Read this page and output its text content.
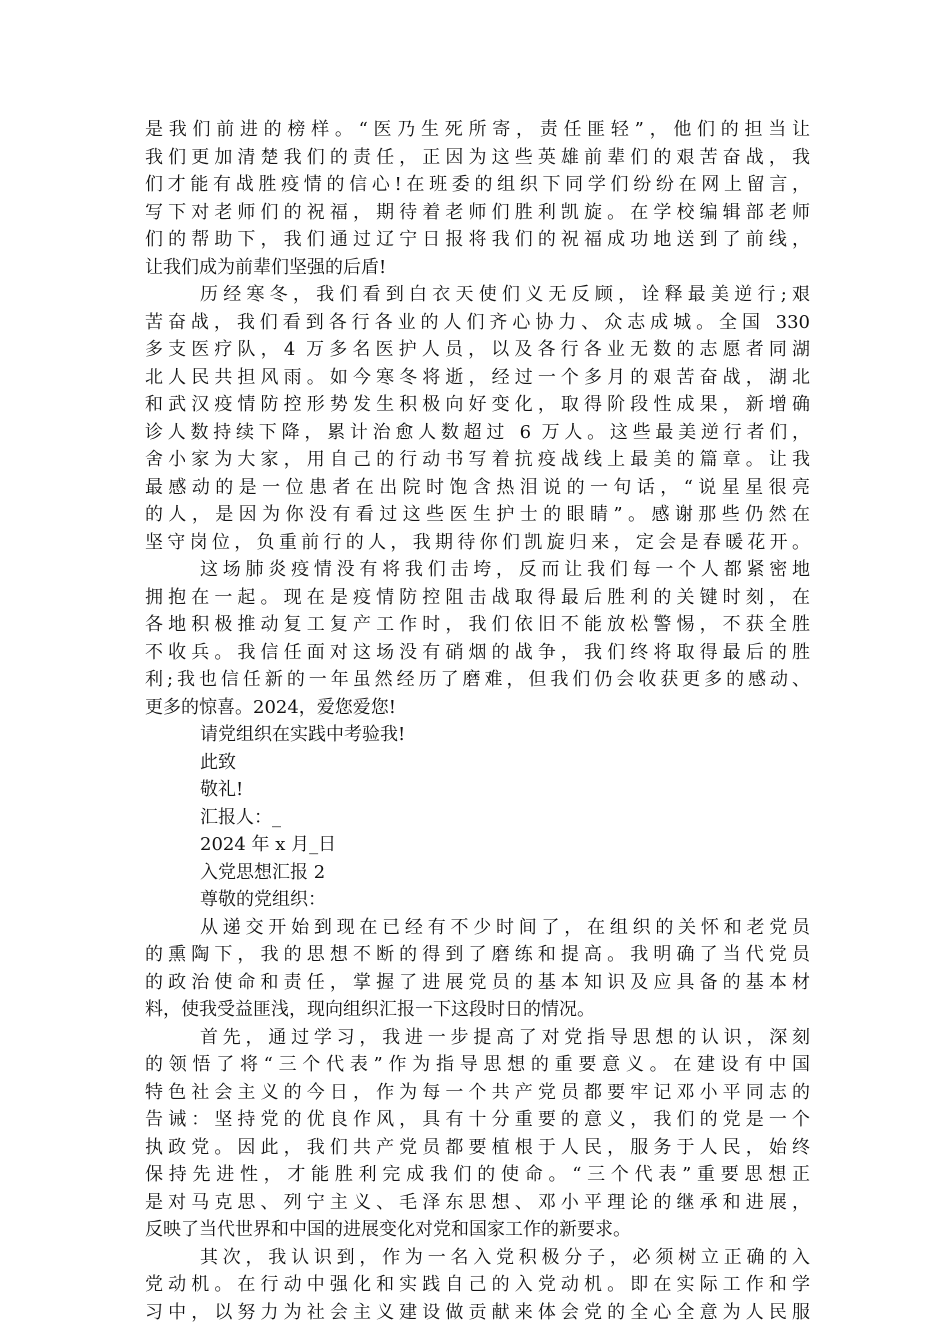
是我们前进的榜样。“医乃生死所寄，责任匪轻”，他们的担当让
我们更加清楚我们的责任，正因为这些英雄前辈们的艰苦奋战，我
们才能有战胜疫情的信心!在班委的组织下同学们纷纷在网上留言，
写下对老师们的祝福，期待着老师们胜利凯旋。在学校编辑部老师
们的帮助下，我们通过辽宁日报将我们的祝福成功地送到了前线，
让我们成为前辈们坚强的后盾!
历经寒冬，我们看到白衣天使们义无反顾，诠释最美逆行;艰
苦奋战，我们看到各行各业的人们齐心协力、众志成城。全国 330
多支医疗队，4 万多名医护人员，以及各行各业无数的志愿者同湖
北人民共担风雨。如今寒冬将逝，经过一个多月的艰苦奋战，湖北
和武汉疫情防控形势发生积极向好变化，取得阶段性成果，新增确
诊人数持续下降，累计治愈人数超过 6 万人。这些最美逆行者们，
舍小家为大家，用自己的行动书写着抗疫战线上最美的篇章。让我
最感动的是一位患者在出院时饱含热泪说的一句话，“说星星很亮
的人，是因为你没有看过这些医生护士的眼睛”。感谢那些仍然在
坚守岗位，负重前行的人，我期待你们凯旋归来，定会是春暖花开。
这场肺炎疫情没有将我们击垮，反而让我们每一个人都紧密地
拥抱在一起。现在是疫情防控阻击战取得最后胜利的关键时刻，在
各地积极推动复工复产工作时，我们依旧不能放松警惕，不获全胜
不收兵。我信任面对这场没有硝烟的战争，我们终将取得最后的胜
利;我也信任新的一年虽然经历了磨难，但我们仍会收获更多的感动、
更多的惊喜。2024，爱您爱您!
请党组织在实践中考验我!
此致
敬礼!
汇报人：_
2024 年 x 月_日
入党思想汇报 2
尊敬的党组织：
从递交开始到现在已经有不少时间了，在组织的关怀和老党员
的熏陶下，我的思想不断的得到了磨练和提高。我明确了当代党员
的政治使命和责任，掌握了进展党员的基本知识及应具备的基本材
料，使我受益匪浅，现向组织汇报一下这段时日的情况。
首先，通过学习，我进一步提高了对党指导思想的认识，深刻
的领悟了将“三个代表”作为指导思想的重要意义。在建设有中国
特色社会主义的今日，作为每一个共产党员都要牢记邓小平同志的
告诫：坚持党的优良作风，具有十分重要的意义，我们的党是一个
执政党。因此，我们共产党员都要植根于人民，服务于人民，始终
保持先进性，才能胜利完成我们的使命。“三个代表”重要思想正
是对马克思、列宁主义、毛泽东思想、邓小平理论的继承和进展，
反映了当代世界和中国的进展变化对党和国家工作的新要求。
其次，我认识到，作为一名入党积极分子，必须树立正确的入
党动机。在行动中强化和实践自己的入党动机。即在实际工作和学
习中，以努力为社会主义建设做贡献来体会党的全心全意为人民服
